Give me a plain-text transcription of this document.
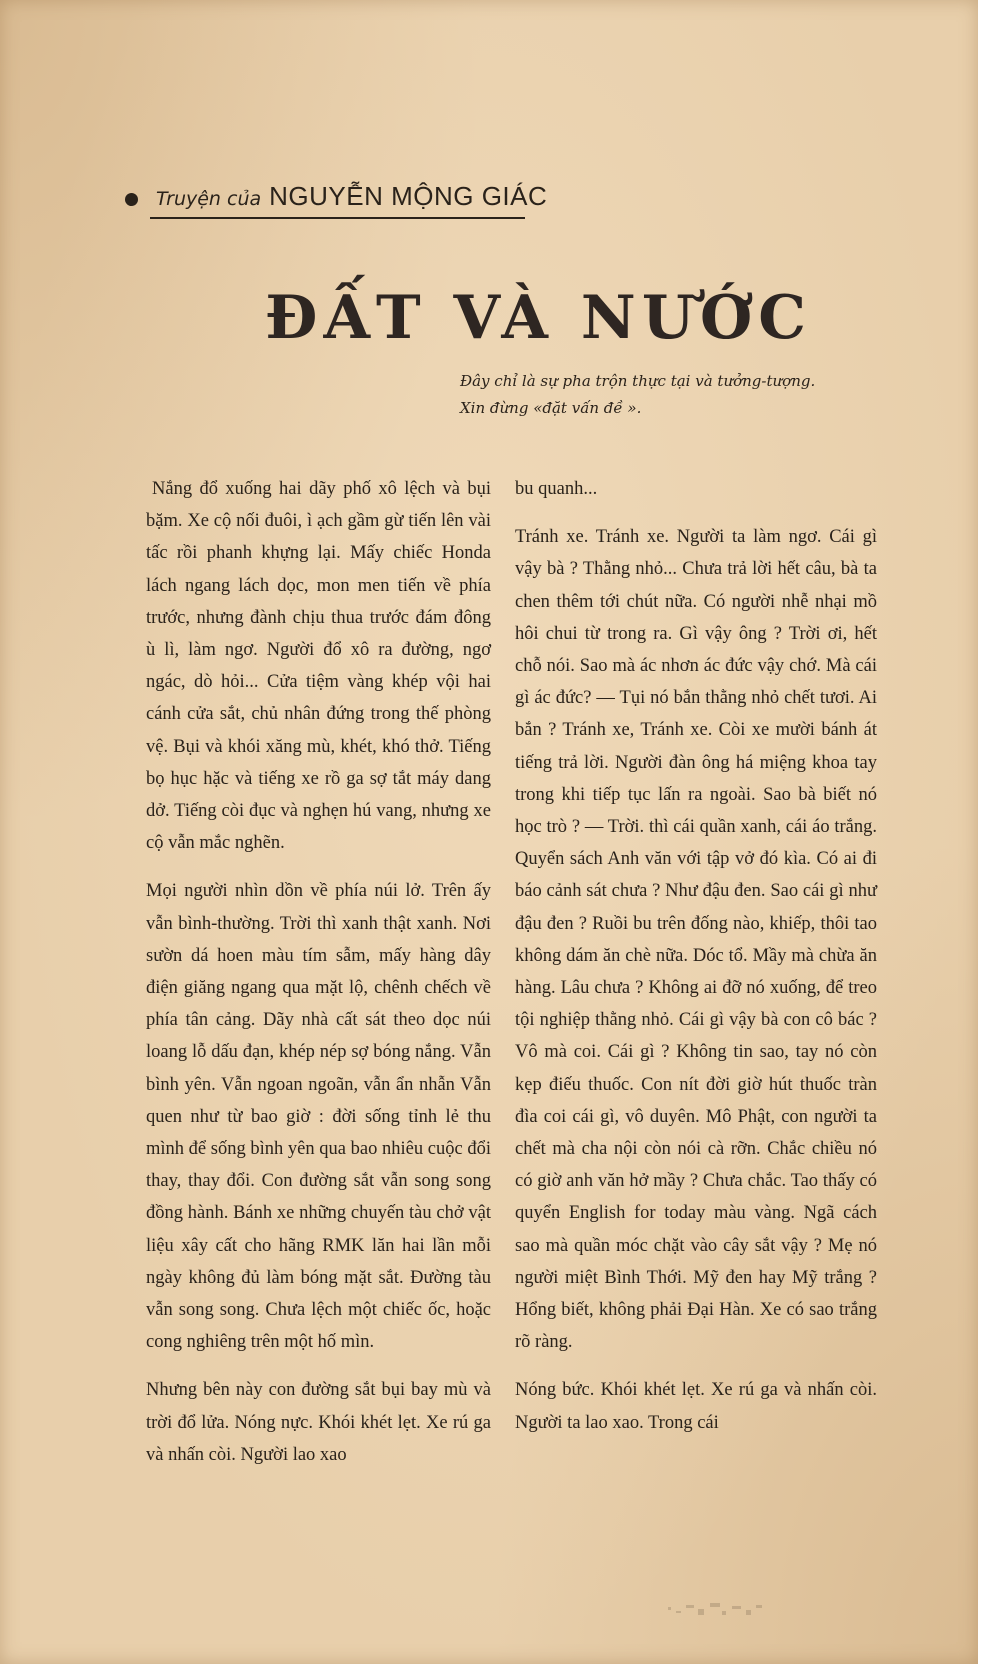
Truyện của NGUYỄN MỘNG GIÁC
ĐẤT VÀ NƯỚC
Đây chỉ là sự pha trộn thực tại và tưởng-tượng.
Xin đừng «đặt vấn đề ».

Nắng đổ xuống hai dãy phố xô lệch và bụi bặm. Xe cộ nối đuôi, ì ạch gầm gừ tiến lên vài tấc rồi phanh khựng lại. Mấy chiếc Honda lách ngang lách dọc, mon men tiến về phía trước, nhưng đành chịu thua trước đám đông ù lì, làm ngơ. Người đổ xô ra đường, ngơ ngác, dò hỏi... Cửa tiệm vàng khép vội hai cánh cửa sắt, chủ nhân đứng trong thế phòng vệ. Bụi và khói xăng mù, khét, khó thở. Tiếng bọ hục hặc và tiếng xe rồ ga sợ tắt máy dang dở. Tiếng còi đục và nghẹn hú vang, nhưng xe cộ vẫn mắc nghẽn.

Mọi người nhìn dồn về phía núi lở. Trên ấy vẫn bình-thường. Trời thì xanh thật xanh. Nơi sườn dá hoen màu tím sẫm, mấy hàng dây điện giăng ngang qua mặt lộ, chênh chếch về phía tân cảng. Dãy nhà cất sát theo dọc núi loang lỗ dấu đạn, khép nép sợ bóng nắng. Vẫn bình yên. Vẫn ngoan ngoãn, vẫn ẩn nhẫn Vẫn quen như từ bao giờ : đời sống tỉnh lẻ thu mình để sống bình yên qua bao nhiêu cuộc đổi thay, thay đổi. Con đường sắt vẫn song song đồng hành. Bánh xe những chuyến tàu chở vật liệu xây cất cho hãng RMK lăn hai lần mỗi ngày không đủ làm bóng mặt sắt. Đường tàu vẫn song song. Chưa lệch một chiếc ốc, hoặc cong nghiêng trên một hố mìn.

Nhưng bên này con đường sắt bụi bay mù và trời đổ lửa. Nóng nực. Khói khét lẹt. Xe rú ga và nhấn còi. Người lao xao

bu quanh...

Tránh xe. Tránh xe. Người ta làm ngơ. Cái gì vậy bà ? Thằng nhỏ... Chưa trả lời hết câu, bà ta chen thêm tới chút nữa. Có người nhễ nhại mồ hôi chui từ trong ra. Gì vậy ông ? Trời ơi, hết chỗ nói. Sao mà ác nhơn ác đức vậy chớ. Mà cái gì ác đức? — Tụi nó bắn thằng nhỏ chết tươi. Ai bắn ? Tránh xe, Tránh xe. Còi xe mười bánh át tiếng trả lời. Người đàn ông há miệng khoa tay trong khi tiếp tục lấn ra ngoài. Sao bà biết nó học trò ? — Trời. thì cái quần xanh, cái áo trắng. Quyển sách Anh văn với tập vở đó kìa. Có ai đi báo cảnh sát chưa ? Như đậu đen. Sao cái gì như đậu đen ? Ruồi bu trên đống nào, khiếp, thôi tao không dám ăn chè nữa. Dóc tổ. Mầy mà chừa ăn hàng. Lâu chưa ? Không ai đỡ nó xuống, để treo tội nghiệp thằng nhỏ. Cái gì vậy bà con cô bác ? Vô mà coi. Cái gì ? Không tin sao, tay nó còn kẹp điếu thuốc. Con nít đời giờ hút thuốc tràn đìa coi cái gì, vô duyên. Mô Phật, con người ta chết mà cha nội còn nói cà rỡn. Chắc chiều nó có giờ anh văn hở mầy ? Chưa chắc. Tao thấy có quyển English for today màu vàng. Ngã cách sao mà quần móc chặt vào cây sắt vậy ? Mẹ nó người miệt Bình Thới. Mỹ đen hay Mỹ trắng ? Hổng biết, không phải Đại Hàn. Xe có sao trắng rõ ràng.

Nóng bức. Khói khét lẹt. Xe rú ga và nhấn còi. Người ta lao xao. Trong cái
